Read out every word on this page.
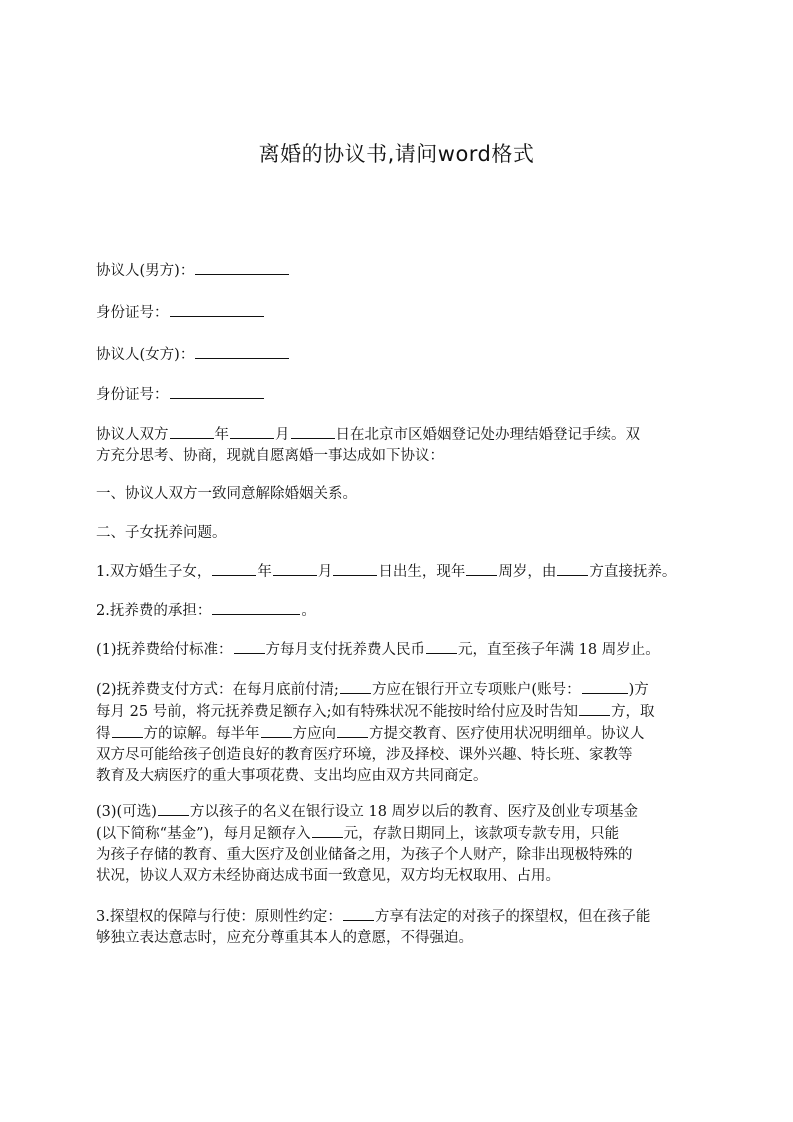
离婚的协议书,请问word格式
协议人(男方)：
身份证号：
协议人(女方)：
身份证号：
协议人双方	年	月	日在北京市区婚姻登记处办理结婚登记手续。双
方充分思考、协商，现就自愿离婚一事达成如下协议：
一、协议人双方一致同意解除婚姻关系。
二、子女抚养问题。
1.双方婚生子女，	年	月	日出生，现年 周岁，由 方直接抚养。
2.抚养费的承担：	。
(1)抚养费给付标准： 方每月支付抚养费人民币 元，直至孩子年满 18 周岁止。
(2)抚养费支付方式：在每月底前付清; 方应在银行开立专项账户(账号：	)方
每月 25 号前，将元抚养费足额存入;如有特殊状况不能按时给付应及时告知 方，取
得 方的谅解。每半年 方应向 方提交教育、医疗使用状况明细单。协议人
双方尽可能给孩子创造良好的教育医疗环境，涉及择校、课外兴趣、特长班、家教等
教育及大病医疗的重大事项花费、支出均应由双方共同商定。
(3)(可选) 方以孩子的名义在银行设立 18 周岁以后的教育、医疗及创业专项基金
(以下简称“基金”)，每月足额存入 元，存款日期同上，该款项专款专用，只能
为孩子存储的教育、重大医疗及创业储备之用，为孩子个人财产，除非出现极特殊的
状况，协议人双方未经协商达成书面一致意见，双方均无权取用、占用。
3.探望权的保障与行使：原则性约定： 方享有法定的对孩子的探望权，但在孩子能
够独立表达意志时，应充分尊重其本人的意愿，不得强迫。
